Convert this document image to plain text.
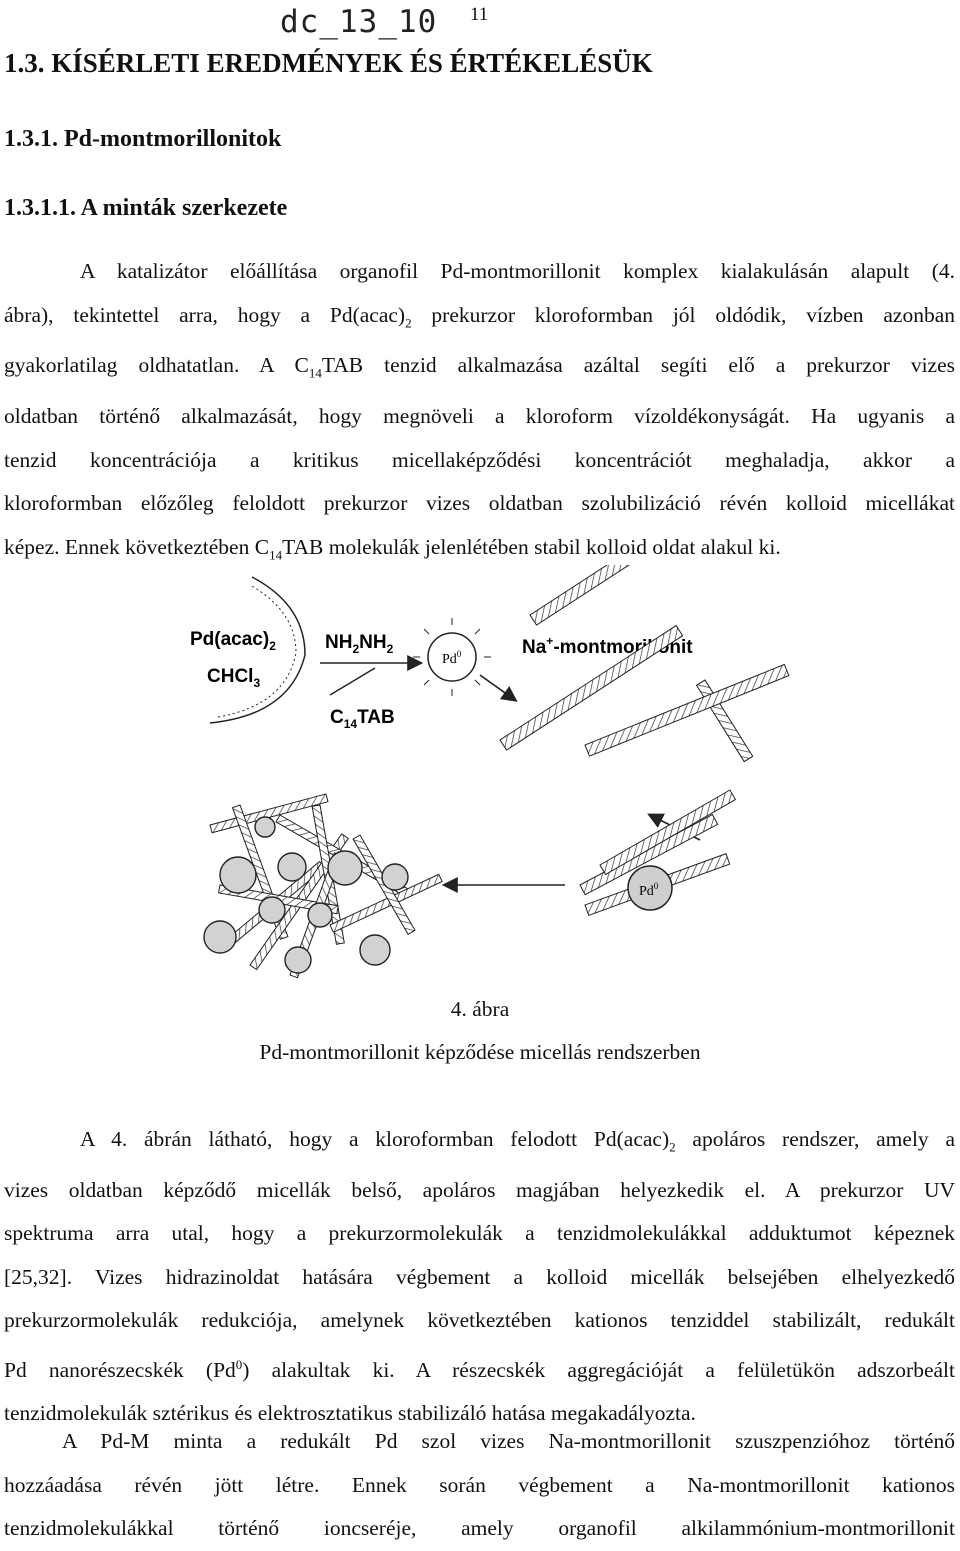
dc_13_10 11
1.3. KÍSÉRLETI EREDMÉNYEK ÉS ÉRTÉKELÉSÜK
1.3.1. Pd-montmorillonitok
1.3.1.1. A minták szerkezete
A katalizátor előállítása organofil Pd-montmorillonit komplex kialakulásán alapult (4.
ábra), tekintettel arra, hogy a $Pd(acac)_2$ prekurzor kloroformban jól oldódik, vízben azonban
gyakorlatilag oldhatatlan. A $C_{14}TAB$ tenzid alkalmazása azáltal segíti elő a prekurzor vizes
oldatban történő alkalmazását, hogy megnöveli a kloroform vízoldékonyságát. Ha ugyanis a
tenzid koncentrációja a kritikus micellaképződési koncentrációt meghaladja, akkor a
kloroformban előzőleg feloldott prekurzor vizes oldatban szolubilizáció révén kolloid micellákat
képez. Ennek következtében $C_{14}TAB$ molekulák jelenlétében stabil kolloid oldat alakul ki.
$Pd(acac)_2$
CHCl$_3$
$NH_2NH_2$
$C_{14}TAB$
Pd$^0$	Na+-montmorillonit
Pd$^0$
4. ábra
Pd-montmorillonit képződése micellás rendszerben
A 4. ábrán látható, hogy a kloroformban felodott $Pd(acac)_2$ apoláros rendszer, amely a
vizes oldatban képződő micellák belső, apoláros magjában helyezkedik el. A prekurzor UV
spektruma arra utal, hogy a prekurzormolekulák a tenzidmolekulákkal adduktumot képeznek
[25,32]. Vizes hidrazinoldat hatására végbement a kolloid micellák belsejében elhelyezkedő
prekurzormolekulák redukciója, amelynek következtében kationos tenziddel stabilizált, redukált
Pd nanorészecskék (Pd$^0$) alakultak ki. A részecskék aggregációját a felületükön adszorbeált
tenzidmolekulák sztérikus és elektrosztatikus stabilizáló hatása megakadályozta.
A Pd-M minta a redukált Pd szol vizes Na-montmorillonit szuszpenzióhoz történő
hozzáadása révén jött létre. Ennek során végbement a Na-montmorillonit kationos
tenzidmolekulákkal történő ioncseréje, amely organofil alkilammónium-montmorillonit
